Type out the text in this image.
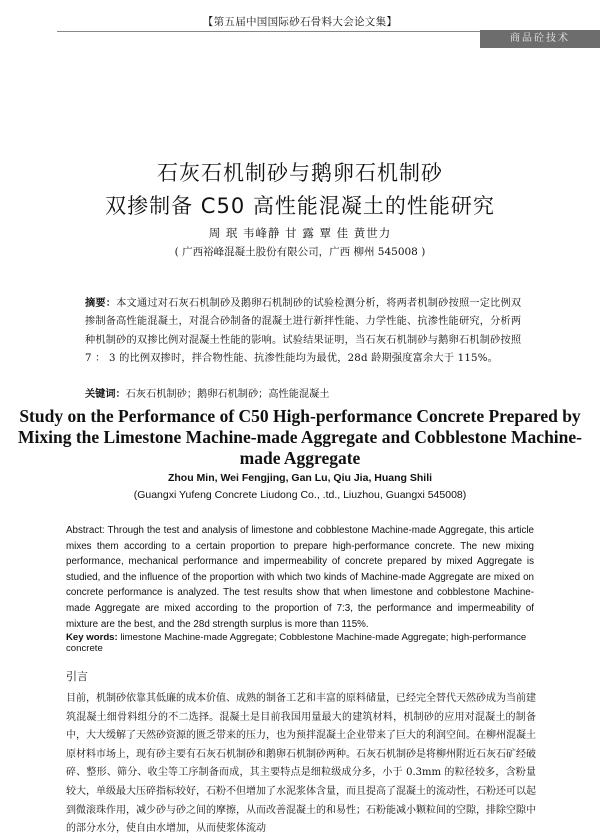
【第五届中国国际砂石骨料大会论文集】
商品砼技术
石灰石机制砂与鹅卵石机制砂
双掺制备 C50 高性能混凝土的性能研究
周 珉 韦峰静 甘 露 覃 佳 黄世力
( 广西裕峰混凝土股份有限公司，广西 柳州 545008 )
摘要：本文通过对石灰石机制砂及鹅卵石机制砂的试验检测分析，将两者机制砂按照一定比例双掺制备高性能混凝土，对混合砂制备的混凝土进行新拌性能、力学性能、抗渗性能研究，分析两种机制砂的双掺比例对混凝土性能的影响。试验结果证明，当石灰石机制砂与鹅卵石机制砂按照 7 ： 3 的比例双掺时，拌合物性能、抗渗性能均为最优，28d 龄期强度富余大于 115%。
关键词：石灰石机制砂；鹅卵石机制砂；高性能混凝土
Study on the Performance of C50 High-performance Concrete Prepared by Mixing the Limestone Machine-made Aggregate and Cobblestone Machine-made Aggregate
Zhou Min, Wei Fengjing, Gan Lu, Qiu Jia, Huang Shili
(Guangxi Yufeng Concrete Liudong Co., .td., Liuzhou, Guangxi 545008)
Abstract: Through the test and analysis of limestone and cobblestone Machine-made Aggregate, this article mixes them according to a certain proportion to prepare high-performance concrete. The new mixing performance, mechanical performance and impermeability of concrete prepared by mixed Aggregate is studied, and the influence of the proportion with which two kinds of Machine-made Aggregate are mixed on concrete performance is analyzed. The test results show that when limestone and cobblestone Machine-made Aggregate are mixed according to the proportion of 7:3, the performance and impermeability of mixture are the best, and the 28d strength surplus is more than 115%.
Key words: limestone Machine-made Aggregate; Cobblestone Machine-made Aggregate; high-performance concrete
引言
目前，机制砂依靠其低廉的成本价值、成熟的制备工艺和丰富的原料储量，已经完全替代天然砂成为当前建筑混凝土细骨料组分的不二选择。混凝土是目前我国用量最大的建筑材料，机制砂的应用对混凝土的制备中，大大缓解了天然砂资源的匮乏带来的压力，也为预拌混凝土企业带来了巨大的利润空间。在柳州混凝土原材料市场上，现有砂主要有石灰石机制砂和鹅卵石机制砂两种。石灰石机制砂是将柳州附近石灰石矿经破碎、整形、筛分、收尘等工序制备而成，其主要特点是细粒级成分多，小于 0.3mm 的粒径较多，含粉量较大，单级最大压碎指标较好，石粉不但增加了水泥浆体含量，而且提高了混凝土的流动性，石粉还可以起到微滚珠作用，减少砂与砂之间的摩擦，从而改善混凝土的和易性；石粉能减小颗粒间的空隙，排除空隙中的部分水分，使自由水增加，从而使浆体流动
